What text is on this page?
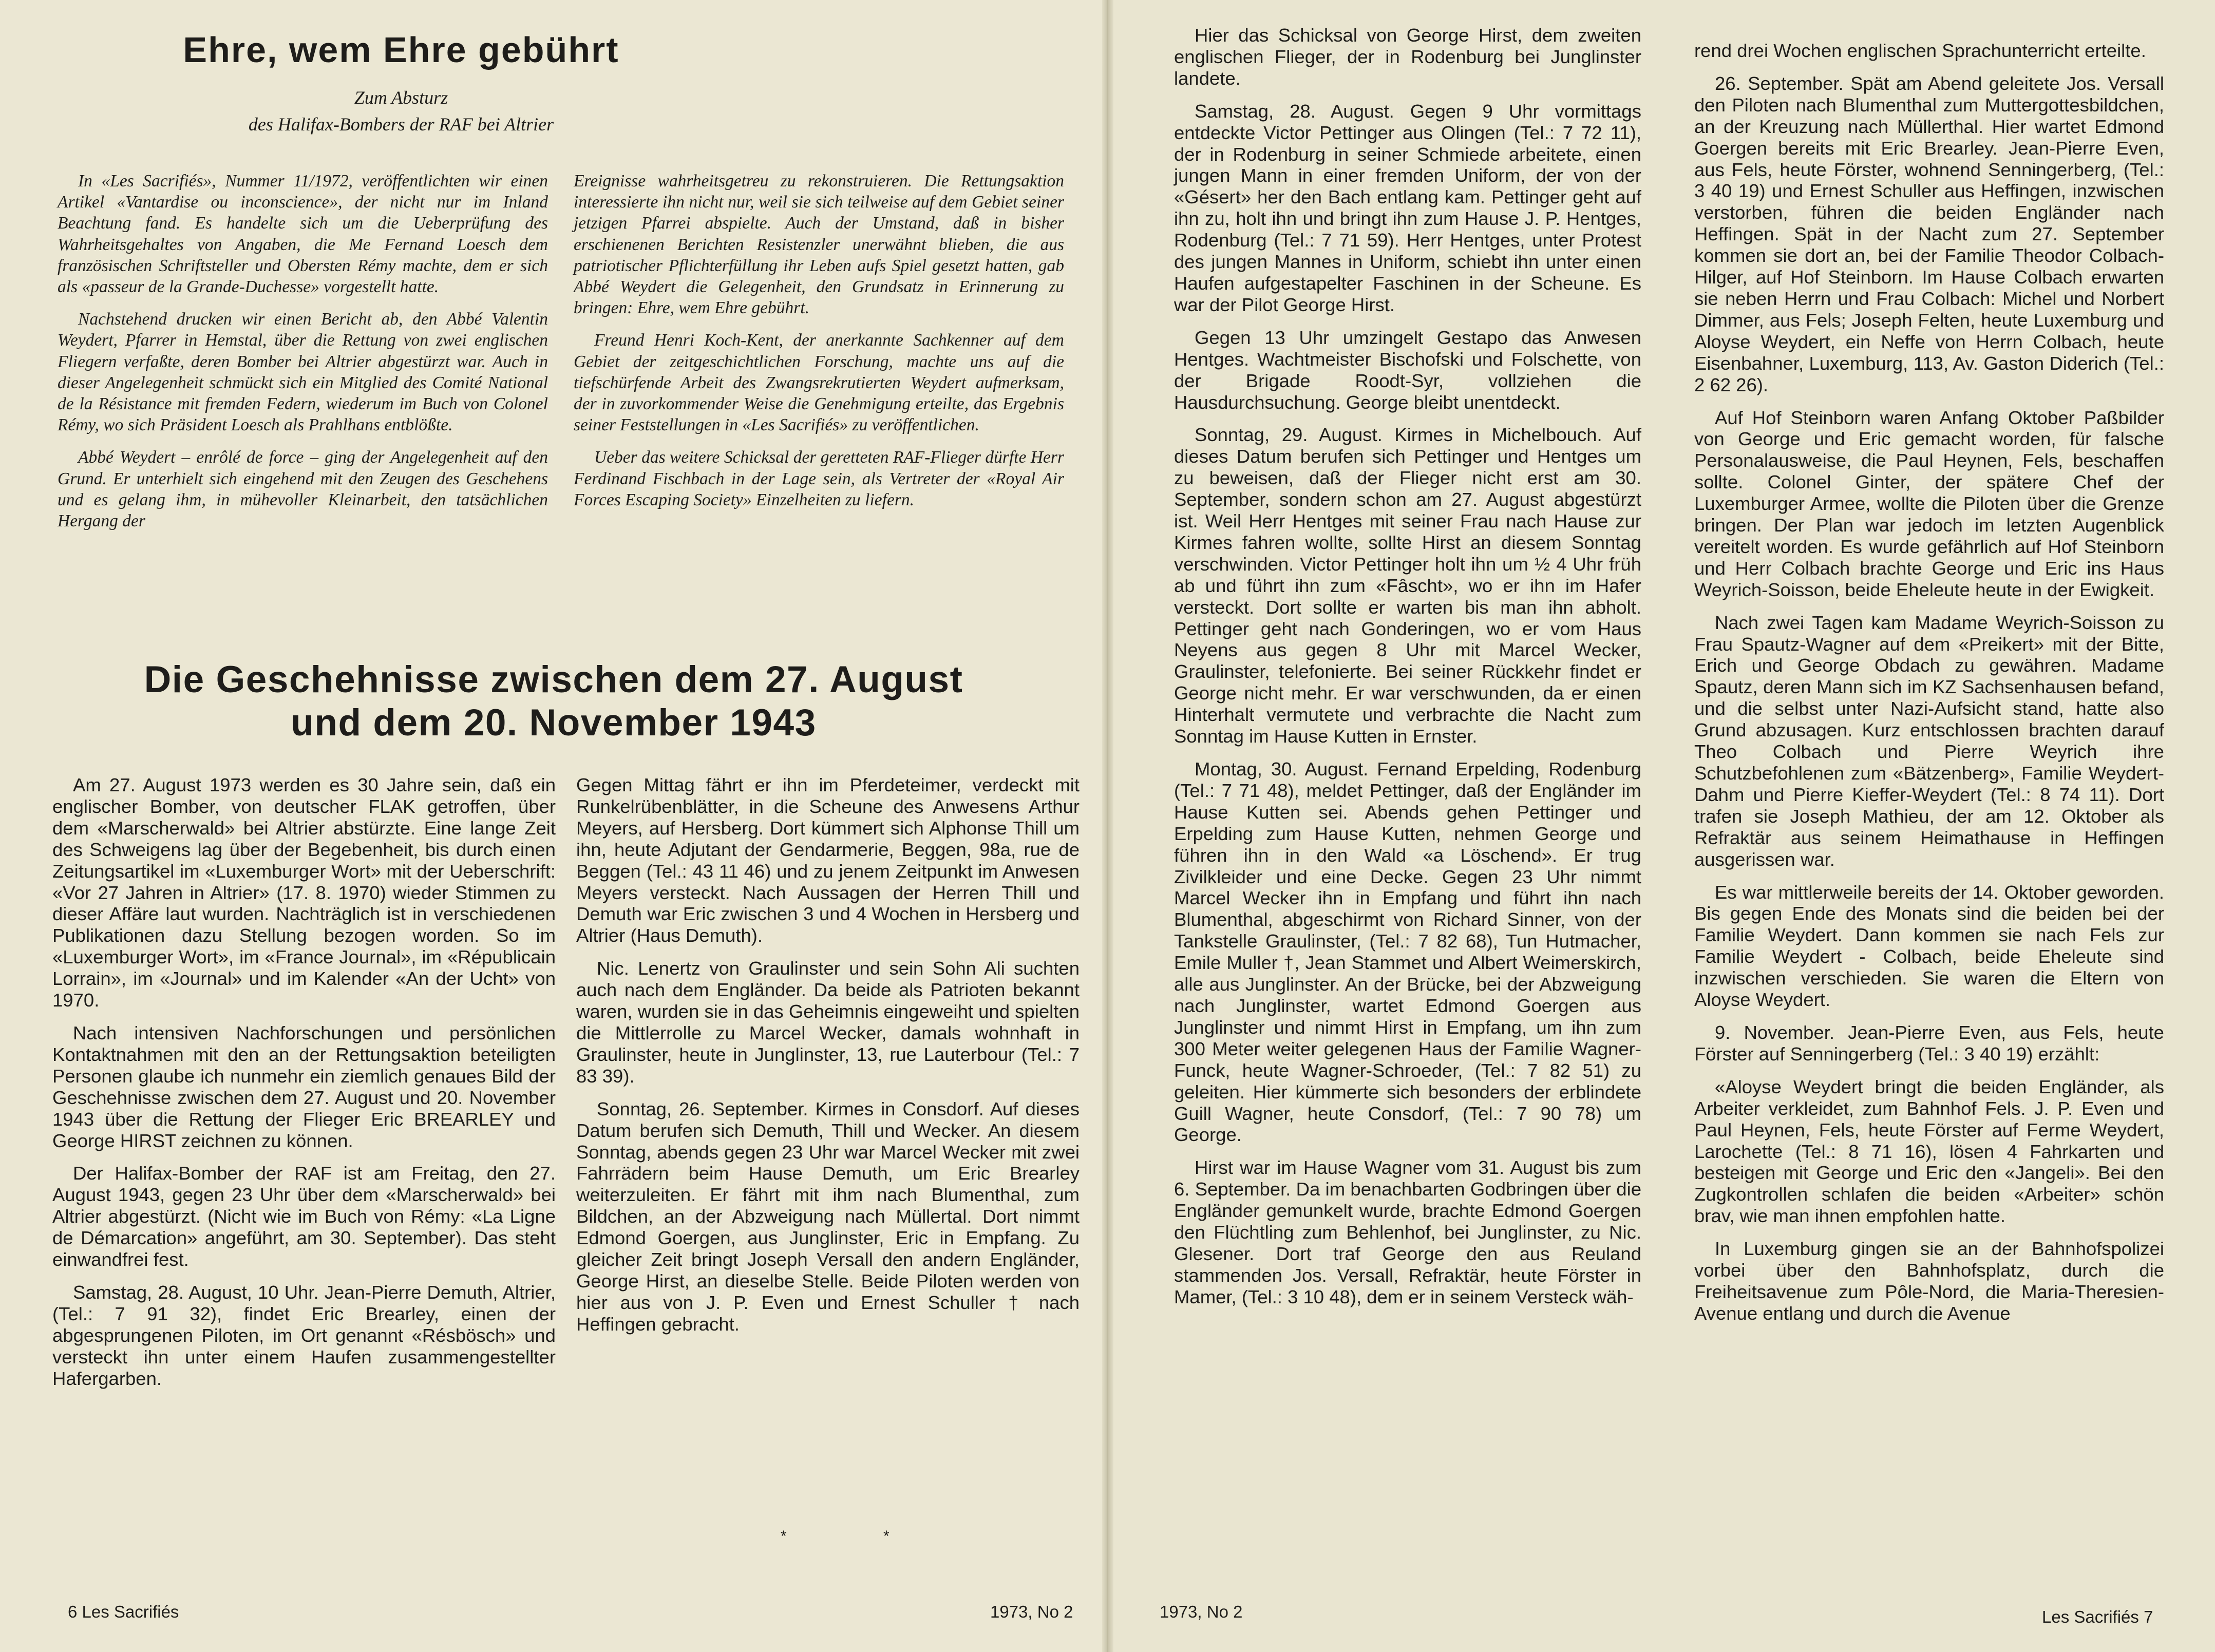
Ehre, wem Ehre gebührt
Zum Absturz
des Halifax-Bombers der RAF bei Altrier

In «Les Sacrifiés», Nummer 11/1972, veröffentlichten wir einen Artikel «Vantardise ou inconscience», der nicht nur im Inland Beachtung fand. Es handelte sich um die Ueberprüfung des Wahrheitsgehaltes von Angaben, die Me Fernand Loesch dem französischen Schriftsteller und Obersten Rémy machte, dem er sich als «passeur de la Grande-Duchesse» vorgestellt hatte.

Nachstehend drucken wir einen Bericht ab, den Abbé Valentin Weydert, Pfarrer in Hemstal, über die Rettung von zwei englischen Fliegern verfaßte, deren Bomber bei Altrier abgestürzt war. Auch in dieser Angelegenheit schmückt sich ein Mitglied des Comité National de la Résistance mit fremden Federn, wiederum im Buch von Colonel Rémy, wo sich Präsident Loesch als Prahlhans entblößte.

Abbé Weydert – enrôlé de force – ging der Angelegenheit auf den Grund. Er unterhielt sich eingehend mit den Zeugen des Geschehens und es gelang ihm, in mühevoller Kleinarbeit, den tatsächlichen Hergang der

Ereignisse wahrheitsgetreu zu rekonstruieren. Die Rettungsaktion interessierte ihn nicht nur, weil sie sich teilweise auf dem Gebiet seiner jetzigen Pfarrei abspielte. Auch der Umstand, daß in bisher erschienenen Berichten Resistenzler unerwähnt blieben, die aus patriotischer Pflichterfüllung ihr Leben aufs Spiel gesetzt hatten, gab Abbé Weydert die Gelegenheit, den Grundsatz in Erinnerung zu bringen: Ehre, wem Ehre gebührt.

Freund Henri Koch-Kent, der anerkannte Sachkenner auf dem Gebiet der zeitgeschichtlichen Forschung, machte uns auf die tiefschürfende Arbeit des Zwangsrekrutierten Weydert aufmerksam, der in zuvorkommender Weise die Genehmigung erteilte, das Ergebnis seiner Feststellungen in «Les Sacrifiés» zu veröffentlichen.

Ueber das weitere Schicksal der geretteten RAF-Flieger dürfte Herr Ferdinand Fischbach in der Lage sein, als Vertreter der «Royal Air Forces Escaping Society» Einzelheiten zu liefern.

Die Geschehnisse zwischen dem 27. August
und dem 20. November 1943

Am 27. August 1973 werden es 30 Jahre sein, daß ein englischer Bomber, von deutscher FLAK getroffen, über dem «Marscherwald» bei Altrier abstürzte. Eine lange Zeit des Schweigens lag über der Begebenheit, bis durch einen Zeitungsartikel im «Luxemburger Wort» mit der Ueberschrift: «Vor 27 Jahren in Altrier» (17. 8. 1970) wieder Stimmen zu dieser Affäre laut wurden. Nachträglich ist in verschiedenen Publikationen dazu Stellung bezogen worden. So im «Luxemburger Wort», im «France Journal», im «Républicain Lorrain», im «Journal» und im Kalender «An der Ucht» von 1970.

Nach intensiven Nachforschungen und persönlichen Kontaktnahmen mit den an der Rettungsaktion beteiligten Personen glaube ich nunmehr ein ziemlich genaues Bild der Geschehnisse zwischen dem 27. August und 20. November 1943 über die Rettung der Flieger Eric BREARLEY und George HIRST zeichnen zu können.

Der Halifax-Bomber der RAF ist am Freitag, den 27. August 1943, gegen 23 Uhr über dem «Marscherwald» bei Altrier abgestürzt. (Nicht wie im Buch von Rémy: «La Ligne de Démarcation» angeführt, am 30. September). Das steht einwandfrei fest.

Samstag, 28. August, 10 Uhr. Jean-Pierre Demuth, Altrier, (Tel.: 7 91 32), findet Eric Brearley, einen der abgesprungenen Piloten, im Ort genannt «Résbösch» und versteckt ihn unter einem Haufen zusammengestellter Hafergarben.

Gegen Mittag fährt er ihn im Pferdeteimer, verdeckt mit Runkelrübenblätter, in die Scheune des Anwesens Arthur Meyers, auf Hersberg. Dort kümmert sich Alphonse Thill um ihn, heute Adjutant der Gendarmerie, Beggen, 98a, rue de Beggen (Tel.: 43 11 46) und zu jenem Zeitpunkt im Anwesen Meyers versteckt. Nach Aussagen der Herren Thill und Demuth war Eric zwischen 3 und 4 Wochen in Hersberg und Altrier (Haus Demuth).

Nic. Lenertz von Graulinster und sein Sohn Ali suchten auch nach dem Engländer. Da beide als Patrioten bekannt waren, wurden sie in das Geheimnis eingeweiht und spielten die Mittlerrolle zu Marcel Wecker, damals wohnhaft in Graulinster, heute in Junglinster, 13, rue Lauterbour (Tel.: 7 83 39).

Sonntag, 26. September. Kirmes in Consdorf. Auf dieses Datum berufen sich Demuth, Thill und Wecker. An diesem Sonntag, abends gegen 23 Uhr war Marcel Wecker mit zwei Fahrrädern beim Hause Demuth, um Eric Brearley weiterzuleiten. Er fährt mit ihm nach Blumenthal, zum Bildchen, an der Abzweigung nach Müllertal. Dort nimmt Edmond Goergen, aus Junglinster, Eric in Empfang. Zu gleicher Zeit bringt Joseph Versall den andern Engländer, George Hirst, an dieselbe Stelle. Beide Piloten werden von hier aus von J. P. Even und Ernest Schuller † nach Heffingen gebracht.

* *
6 Les Sacrifiés	1973, No 2

Hier das Schicksal von George Hirst, dem zweiten englischen Flieger, der in Rodenburg bei Junglinster landete.

Samstag, 28. August. Gegen 9 Uhr vormittags entdeckte Victor Pettinger aus Olingen (Tel.: 7 72 11), der in Rodenburg in seiner Schmiede arbeitete, einen jungen Mann in einer fremden Uniform, der von der «Gésert» her den Bach entlang kam. Pettinger geht auf ihn zu, holt ihn und bringt ihn zum Hause J. P. Hentges, Rodenburg (Tel.: 7 71 59). Herr Hentges, unter Protest des jungen Mannes in Uniform, schiebt ihn unter einen Haufen aufgestapelter Faschinen in der Scheune. Es war der Pilot George Hirst.

Gegen 13 Uhr umzingelt Gestapo das Anwesen Hentges. Wachtmeister Bischofski und Folschette, von der Brigade Roodt-Syr, vollziehen die Hausdurchsuchung. George bleibt unentdeckt.

Sonntag, 29. August. Kirmes in Michelbouch. Auf dieses Datum berufen sich Pettinger und Hentges um zu beweisen, daß der Flieger nicht erst am 30. September, sondern schon am 27. August abgestürzt ist. Weil Herr Hentges mit seiner Frau nach Hause zur Kirmes fahren wollte, sollte Hirst an diesem Sonntag verschwinden. Victor Pettinger holt ihn um ½ 4 Uhr früh ab und führt ihn zum «Fâscht», wo er ihn im Hafer versteckt. Dort sollte er warten bis man ihn abholt. Pettinger geht nach Gonderingen, wo er vom Haus Neyens aus gegen 8 Uhr mit Marcel Wecker, Graulinster, telefonierte. Bei seiner Rückkehr findet er George nicht mehr. Er war verschwunden, da er einen Hinterhalt vermutete und verbrachte die Nacht zum Sonntag im Hause Kutten in Ernster.

Montag, 30. August. Fernand Erpelding, Rodenburg (Tel.: 7 71 48), meldet Pettinger, daß der Engländer im Hause Kutten sei. Abends gehen Pettinger und Erpelding zum Hause Kutten, nehmen George und führen ihn in den Wald «a Löschend». Er trug Zivilkleider und eine Decke. Gegen 23 Uhr nimmt Marcel Wecker ihn in Empfang und führt ihn nach Blumenthal, abgeschirmt von Richard Sinner, von der Tankstelle Graulinster, (Tel.: 7 82 68), Tun Hutmacher, Emile Muller †, Jean Stammet und Albert Weimerskirch, alle aus Junglinster. An der Brücke, bei der Abzweigung nach Junglinster, wartet Edmond Goergen aus Junglinster und nimmt Hirst in Empfang, um ihn zum 300 Meter weiter gelegenen Haus der Familie Wagner-Funck, heute Wagner-Schroeder, (Tel.: 7 82 51) zu geleiten. Hier kümmerte sich besonders der erblindete Guill Wagner, heute Consdorf, (Tel.: 7 90 78) um George.

Hirst war im Hause Wagner vom 31. August bis zum 6. September. Da im benachbarten Godbringen über die Engländer gemunkelt wurde, brachte Edmond Goergen den Flüchtling zum Behlenhof, bei Junglinster, zu Nic. Glesener. Dort traf George den aus Reuland stammenden Jos. Versall, Refraktär, heute Förster in Mamer, (Tel.: 3 10 48), dem er in seinem Versteck wäh-

rend drei Wochen englischen Sprachunterricht erteilte.

26. September. Spät am Abend geleitete Jos. Versall den Piloten nach Blumenthal zum Muttergottesbildchen, an der Kreuzung nach Müllerthal. Hier wartet Edmond Goergen bereits mit Eric Brearley. Jean-Pierre Even, aus Fels, heute Förster, wohnend Senningerberg, (Tel.: 3 40 19) und Ernest Schuller aus Heffingen, inzwischen verstorben, führen die beiden Engländer nach Heffingen. Spät in der Nacht zum 27. September kommen sie dort an, bei der Familie Theodor Colbach-Hilger, auf Hof Steinborn. Im Hause Colbach erwarten sie neben Herrn und Frau Colbach: Michel und Norbert Dimmer, aus Fels; Joseph Felten, heute Luxemburg und Aloyse Weydert, ein Neffe von Herrn Colbach, heute Eisenbahner, Luxemburg, 113, Av. Gaston Diderich (Tel.: 2 62 26).

Auf Hof Steinborn waren Anfang Oktober Paßbilder von George und Eric gemacht worden, für falsche Personalausweise, die Paul Heynen, Fels, beschaffen sollte. Colonel Ginter, der spätere Chef der Luxemburger Armee, wollte die Piloten über die Grenze bringen. Der Plan war jedoch im letzten Augenblick vereitelt worden. Es wurde gefährlich auf Hof Steinborn und Herr Colbach brachte George und Eric ins Haus Weyrich-Soisson, beide Eheleute heute in der Ewigkeit.

Nach zwei Tagen kam Madame Weyrich-Soisson zu Frau Spautz-Wagner auf dem «Preikert» mit der Bitte, Erich und George Obdach zu gewähren. Madame Spautz, deren Mann sich im KZ Sachsenhausen befand, und die selbst unter Nazi-Aufsicht stand, hatte also Grund abzusagen. Kurz entschlossen brachten darauf Theo Colbach und Pierre Weyrich ihre Schutzbefohlenen zum «Bätzenberg», Familie Weydert-Dahm und Pierre Kieffer-Weydert (Tel.: 8 74 11). Dort trafen sie Joseph Mathieu, der am 12. Oktober als Refraktär aus seinem Heimathause in Heffingen ausgerissen war.

Es war mittlerweile bereits der 14. Oktober geworden. Bis gegen Ende des Monats sind die beiden bei der Familie Weydert. Dann kommen sie nach Fels zur Familie Weydert - Colbach, beide Eheleute sind inzwischen verschieden. Sie waren die Eltern von Aloyse Weydert.

9. November. Jean-Pierre Even, aus Fels, heute Förster auf Senningerberg (Tel.: 3 40 19) erzählt:

«Aloyse Weydert bringt die beiden Engländer, als Arbeiter verkleidet, zum Bahnhof Fels. J. P. Even und Paul Heynen, Fels, heute Förster auf Ferme Weydert, Larochette (Tel.: 8 71 16), lösen 4 Fahrkarten und besteigen mit George und Eric den «Jangeli». Bei den Zugkontrollen schlafen die beiden «Arbeiter» schön brav, wie man ihnen empfohlen hatte.

In Luxemburg gingen sie an der Bahnhofspolizei vorbei über den Bahnhofsplatz, durch die Freiheitsavenue zum Pôle-Nord, die Maria-Theresien-Avenue entlang und durch die Avenue

1973, No 2	Les Sacrifiés 7
